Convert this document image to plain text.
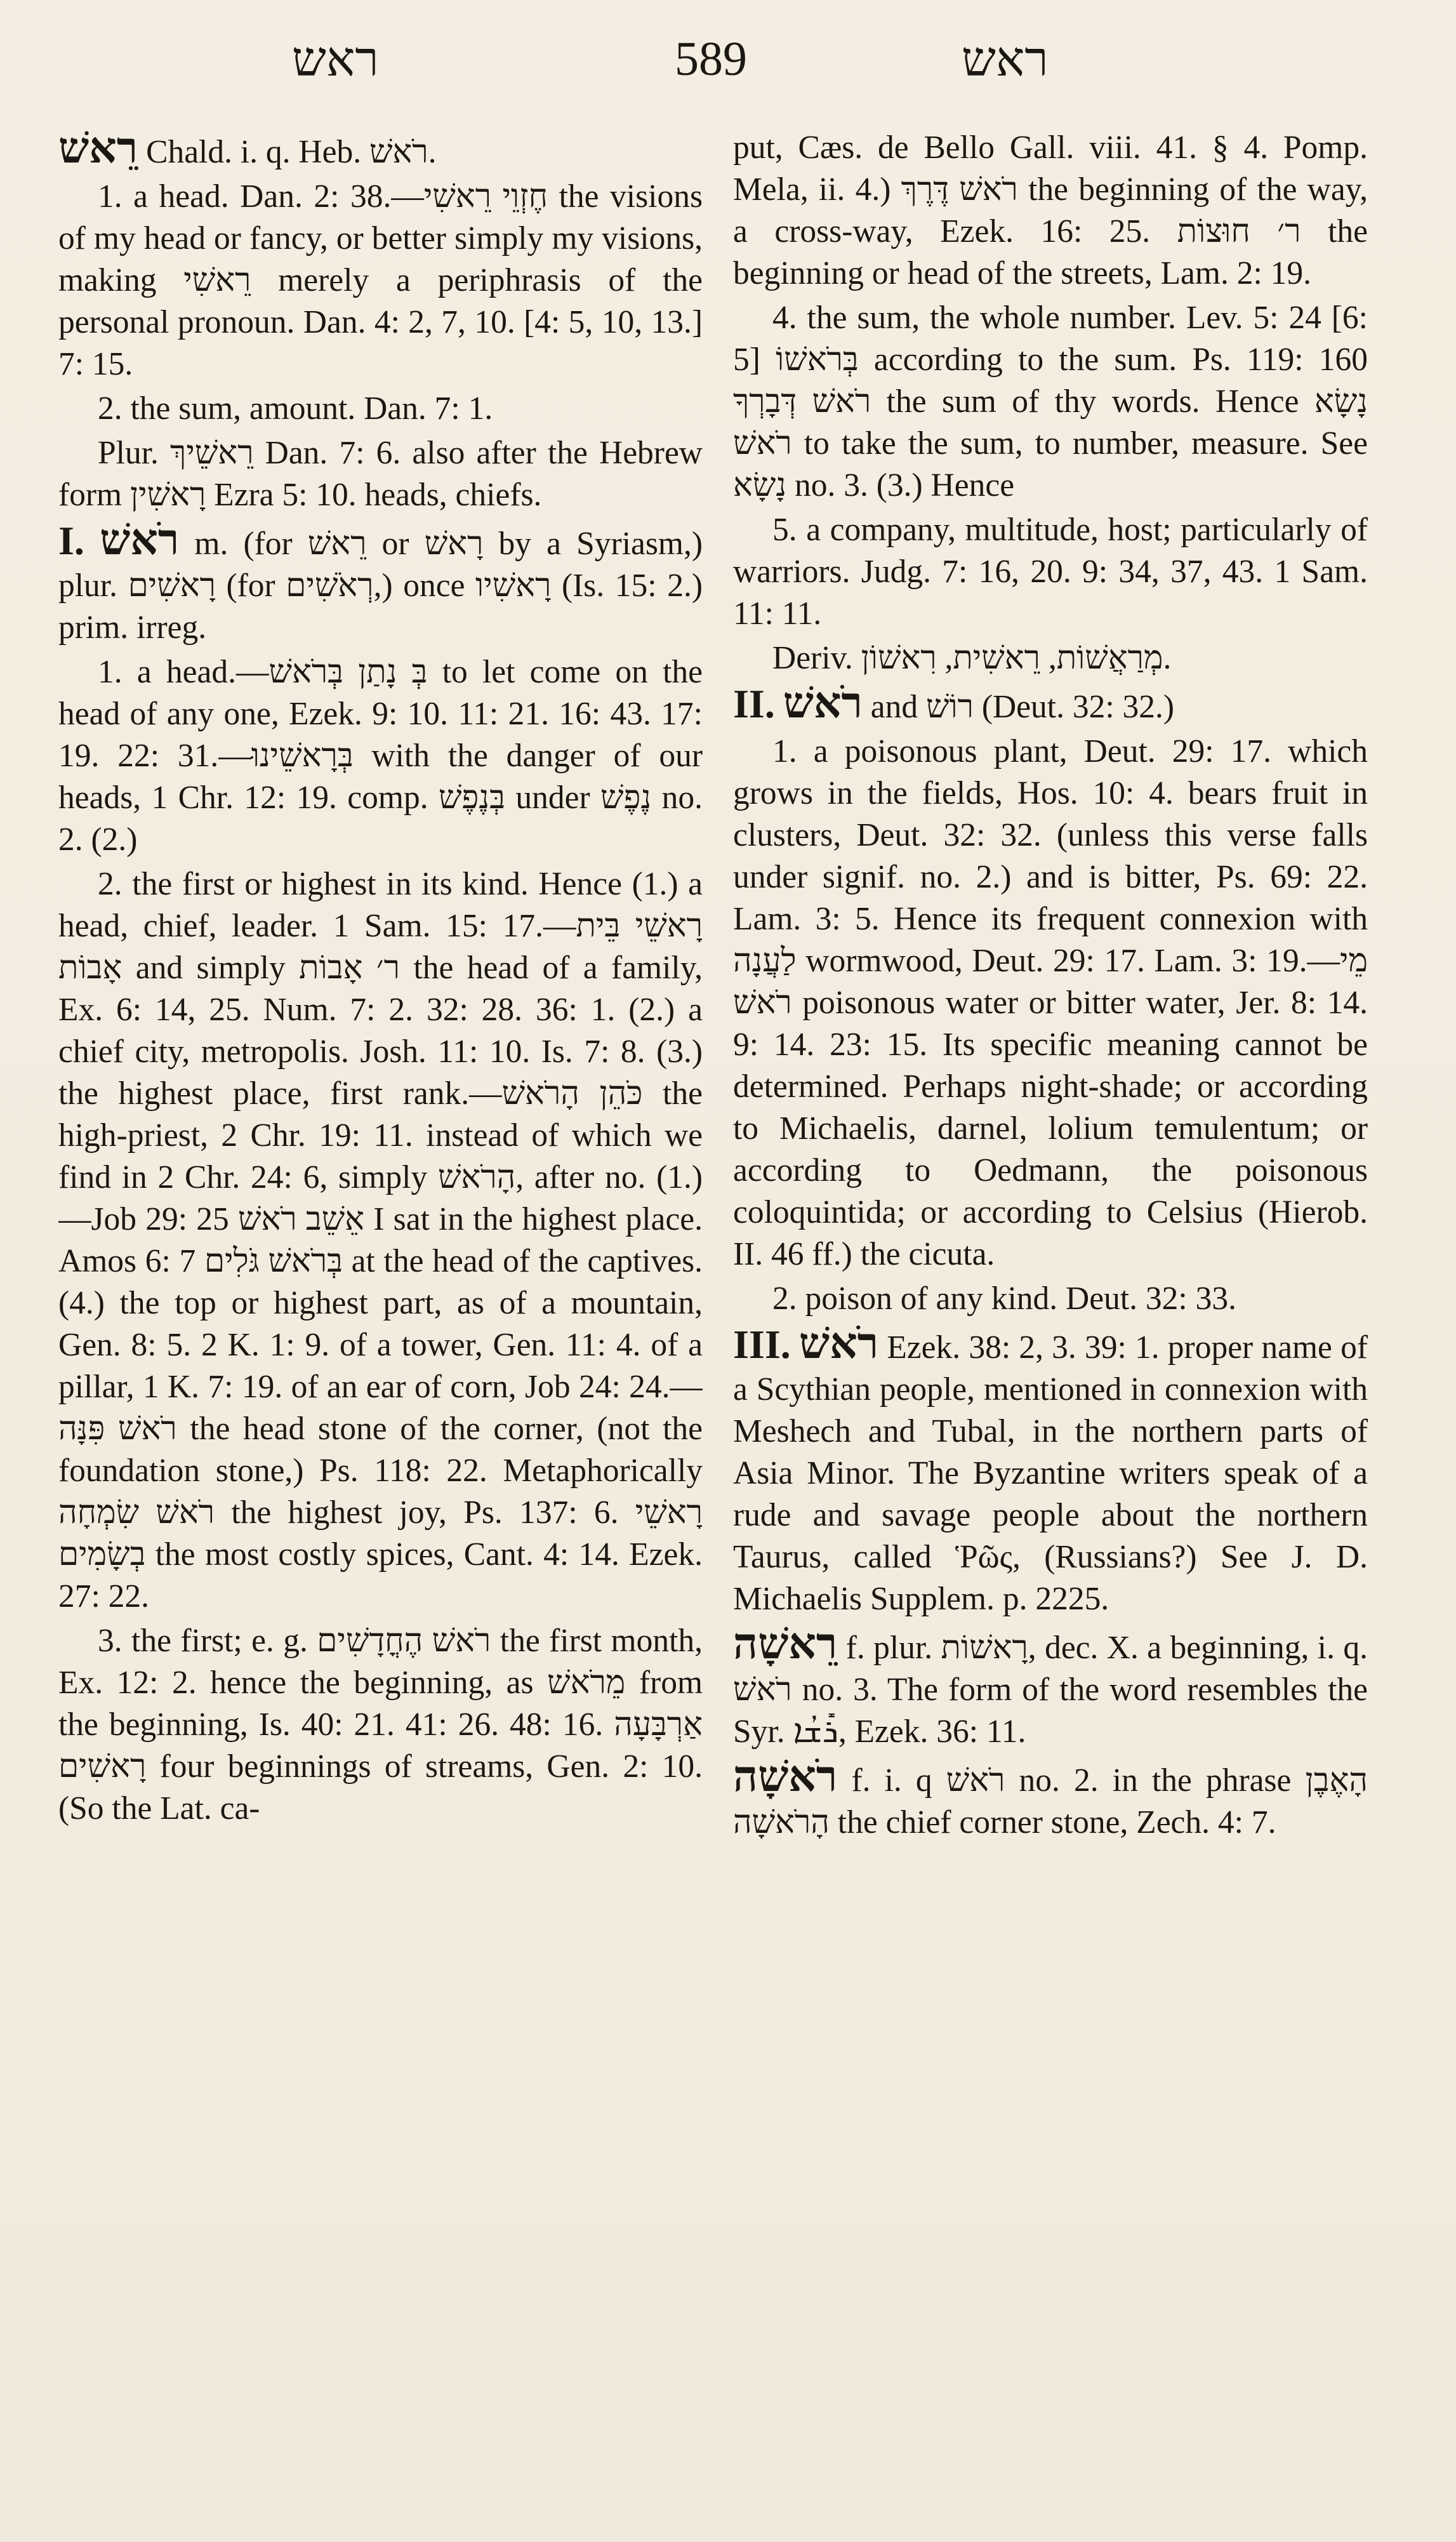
ראש	589	ראש

רֵאשׁ Chald. i. q. Heb. רֹאשׁ.

1. a head. Dan. 2: 38.—חֶזְוֵי רֵאשִׁי the visions of my head or fancy, or better simply my visions, making רֵאשִׁי merely a periphrasis of the personal pronoun. Dan. 4: 2, 7, 10. [4: 5, 10, 13.] 7: 15.

2. the sum, amount. Dan. 7: 1.

Plur. רֵאשֵׁיךְ Dan. 7: 6. also after the Hebrew form רָאשִׁין Ezra 5: 10. heads, chiefs.

I. רֹאשׁ m. (for רֵאשׁ or רָאשׁ by a Syriasm,) plur. רָאשִׁים (for רְאֹשִׁים,) once רָאשִׁיו (Is. 15: 2.) prim. irreg.

1. a head.—בְּ נָתַן בְּרֹאשׁ to let come on the head of any one, Ezek. 9: 10. 11: 21. 16: 43. 17: 19. 22: 31.—בְּרָאשֵׁינוּ with the danger of our heads, 1 Chr. 12: 19. comp. בְּנֶפֶשׁ under נֶפֶשׁ no. 2. (2.)

2. the first or highest in its kind. Hence (1.) a head, chief, leader. 1 Sam. 15: 17.—רָאשֵׁי בֵּית אָבוֹת and simply ר׳ אָבוֹת the head of a family, Ex. 6: 14, 25. Num. 7: 2. 32: 28. 36: 1. (2.) a chief city, metropolis. Josh. 11: 10. Is. 7: 8. (3.) the highest place, first rank.—כֹּהֵן הָרֹאשׁ the high-priest, 2 Chr. 19: 11. instead of which we find in 2 Chr. 24: 6, simply הָרֹאשׁ, after no. (1.)—Job 29: 25 אֵשֵׁב רֹאשׁ I sat in the highest place. Amos 6: 7 בְּרֹאשׁ גֹּלִים at the head of the captives. (4.) the top or highest part, as of a mountain, Gen. 8: 5. 2 K. 1: 9. of a tower, Gen. 11: 4. of a pillar, 1 K. 7: 19. of an ear of corn, Job 24: 24.—רֹאשׁ פִּנָּה the head stone of the corner, (not the foundation stone,) Ps. 118: 22. Metaphorically רֹאשׁ שִׂמְחָה the highest joy, Ps. 137: 6. רָאשֵׁי בְשָׂמִים the most costly spices, Cant. 4: 14. Ezek. 27: 22.

3. the first; e. g. רֹאשׁ הֶחֳדָשִׁים the first month, Ex. 12: 2. hence the beginning, as מֵרֹאשׁ from the beginning, Is. 40: 21. 41: 26. 48: 16. אַרְבָּעָה רָאשִׁים four beginnings of streams, Gen. 2: 10. (So the Lat. ca-

put, Cæs. de Bello Gall. viii. 41. § 4. Pomp. Mela, ii. 4.) רֹאשׁ דֶּרֶךְ the beginning of the way, a cross-way, Ezek. 16: 25. ר׳ חוּצוֹת the beginning or head of the streets, Lam. 2: 19.

4. the sum, the whole number. Lev. 5: 24 [6: 5] בְּרֹאשׁוֹ according to the sum. Ps. 119: 160 רֹאשׁ דְּבָרְךָ the sum of thy words. Hence נָשָׂא רֹאשׁ to take the sum, to number, measure. See נָשָׂא no. 3. (3.) Hence

5. a company, multitude, host; particularly of warriors. Judg. 7: 16, 20. 9: 34, 37, 43. 1 Sam. 11: 11.

Deriv. מְרַאֲשׁוֹת, רֵאשִׁית, רִאשׁוֹן.

II. רֹאשׁ and רוֹשׁ (Deut. 32: 32.)

1. a poisonous plant, Deut. 29: 17. which grows in the fields, Hos. 10: 4. bears fruit in clusters, Deut. 32: 32. (unless this verse falls under signif. no. 2.) and is bitter, Ps. 69: 22. Lam. 3: 5. Hence its frequent connexion with לַעֲנָה wormwood, Deut. 29: 17. Lam. 3: 19.—מֵי רֹאשׁ poisonous water or bitter water, Jer. 8: 14. 9: 14. 23: 15. Its specific meaning cannot be determined. Perhaps night-shade; or according to Michaelis, darnel, lolium temulentum; or according to Oedmann, the poisonous coloquintida; or according to Celsius (Hierob. II. 46 ff.) the cicuta.

2. poison of any kind. Deut. 32: 33.

III. רֹאשׁ Ezek. 38: 2, 3. 39: 1. proper name of a Scythian people, mentioned in connexion with Meshech and Tubal, in the northern parts of Asia Minor. The Byzantine writers speak of a rude and savage people about the northern Taurus, called Ῥῶς, (Russians?) See J. D. Michaelis Supplem. p. 2225.

רֵאשָׁה f. plur. רָאשׁוֹת, dec. X. a beginning, i. q. רֹאשׁ no. 3. The form of the word resembles the Syr. ܪܺܫܳܐ, Ezek. 36: 11.

רֹאשָׁה f. i. q רֹאשׁ no. 2. in the phrase הָאֶבֶן הָרֹאשָׁה the chief corner stone, Zech. 4: 7.
